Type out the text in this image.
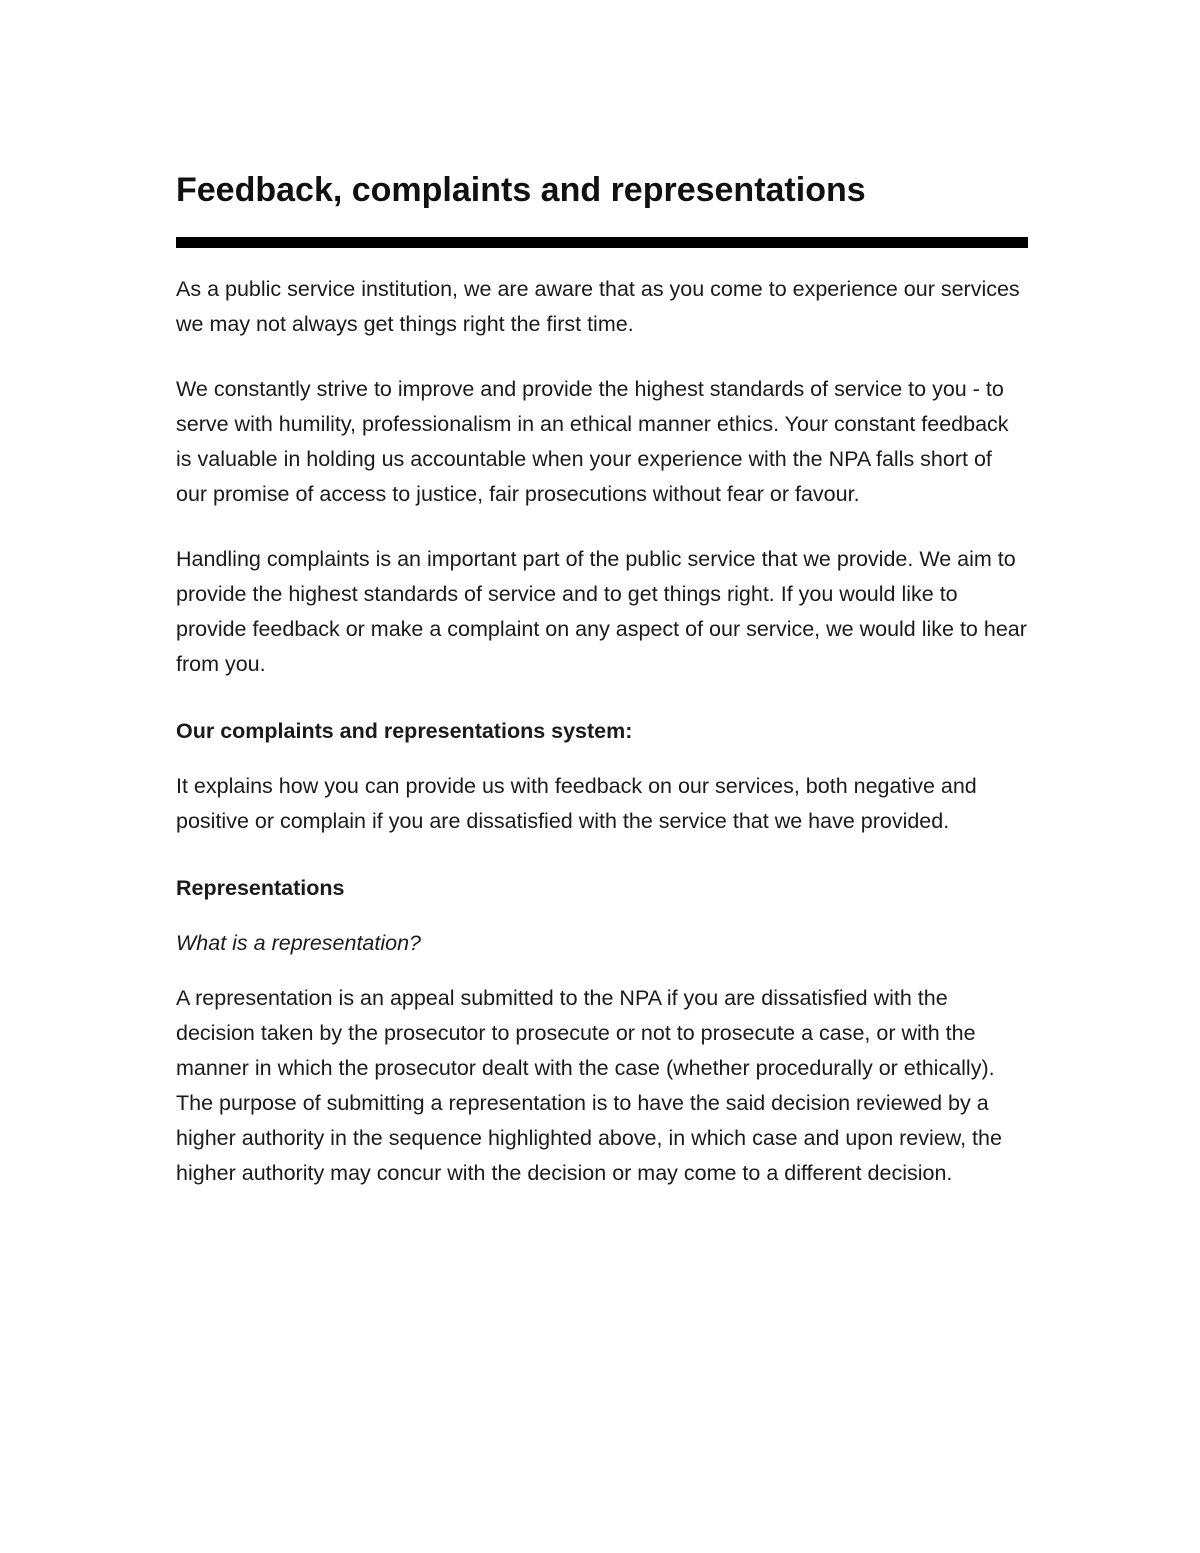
Feedback, complaints and representations

As a public service institution, we are aware that as you come to experience our services we may not always get things right the first time.

We constantly strive to improve and provide the highest standards of service to you - to serve with humility, professionalism in an ethical manner ethics. Your constant feedback is valuable in holding us accountable when your experience with the NPA falls short of our promise of access to justice, fair prosecutions without fear or favour.

Handling complaints is an important part of the public service that we provide. We aim to provide the highest standards of service and to get things right. If you would like to provide feedback or make a complaint on any aspect of our service, we would like to hear from you.

Our complaints and representations system:

It explains how you can provide us with feedback on our services, both negative and positive or complain if you are dissatisfied with the service that we have provided.

Representations

What is a representation?

A representation is an appeal submitted to the NPA if you are dissatisfied with the decision taken by the prosecutor to prosecute or not to prosecute a case, or with the manner in which the prosecutor dealt with the case (whether procedurally or ethically). The purpose of submitting a representation is to have the said decision reviewed by a higher authority in the sequence highlighted above, in which case and upon review, the higher authority may concur with the decision or may come to a different decision.
